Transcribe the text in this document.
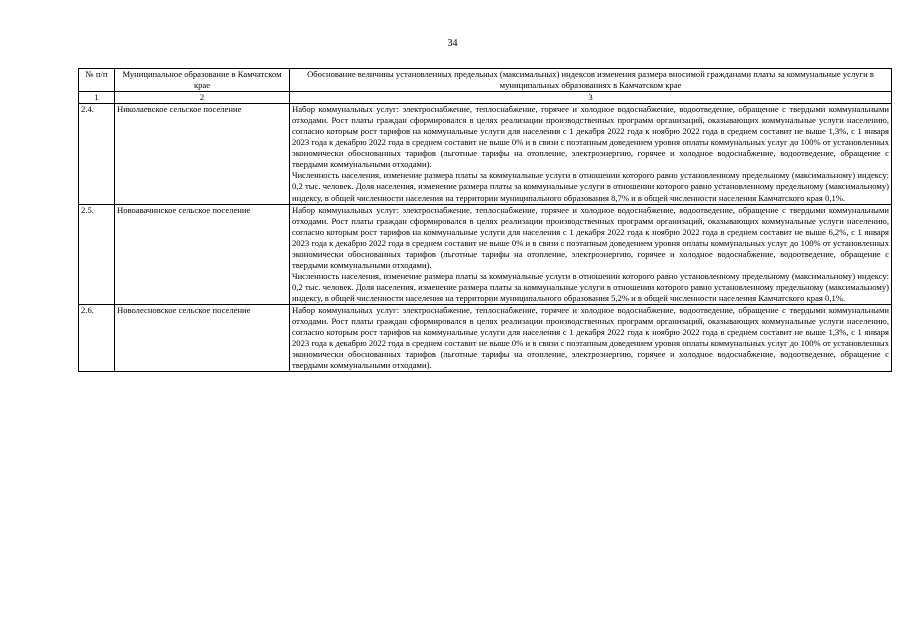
34
№ п/п	Муниципальное образование в Камчатском крае	Обоснование величины установленных предельных (максимальных) индексов изменения размера вносимой гражданами платы за коммунальные услуги в муниципальных образованиях в Камчатском крае
1	2	3
2.4.	Николаевское сельское поселение	Набор коммунальных услуг: электроснабжение, теплоснабжение, горячее и холодное водоснабжение, водоотведение, обращение с твердыми коммунальными отходами. Рост платы граждан сформировался в целях реализации производственных программ организаций, оказывающих коммунальные услуги населению, согласно которым рост тарифов на коммунальные услуги для населения с 1 декабря 2022 года к ноябрю 2022 года в среднем составит не выше 1,3%, с 1 января 2023 года к декабрю 2022 года в среднем составит не выше 0% и в связи с поэтапным доведением уровня оплаты коммунальных услуг до 100% от установленных экономически обоснованных тарифов (льготные тарифы на отопление, электроэнергию, горячее и холодное водоснабжение, водоотведение, обращение с твердыми коммунальными отходами).

Численность населения, изменение размера платы за коммунальные услуги в отношении которого равно установленному предельному (максимальному) индексу: 0,2 тыс. человек. Доля населения, изменение размера платы за коммунальные услуги в отношении которого равно установленному предельному (максимальному) индексу, в общей численности населения на территории муниципального образования 8,7% и в общей численности населения Камчатского края 0,1%.

2.5.	Новоавачинское сельское поселение	Набор коммунальных услуг: электроснабжение, теплоснабжение, горячее и холодное водоснабжение, водоотведение, обращение с твердыми коммунальными отходами. Рост платы граждан сформировался в целях реализации производственных программ организаций, оказывающих коммунальные услуги населению, согласно которым рост тарифов на коммунальные услуги для населения с 1 декабря 2022 года к ноябрю 2022 года в среднем составит не выше 6,2%, с 1 января 2023 года к декабрю 2022 года в среднем составит не выше 0% и в связи с поэтапным доведением уровня оплаты коммунальных услуг до 100% от установленных экономически обоснованных тарифов (льготные тарифы на отопление, электроэнергию, горячее и холодное водоснабжение, водоотведение, обращение с твердыми коммунальными отходами).

Численность населения, изменение размера платы за коммунальные услуги в отношении которого равно установленному предельному (максимальному) индексу: 0,2 тыс. человек. Доля населения, изменение размера платы за коммунальные услуги в отношении которого равно установленному предельному (максимальному) индексу, в общей численности населения на территории муниципального образования 5,2% и в общей численности населения Камчатского края 0,1%.

2.6.	Новолесновское сельское поселение	Набор коммунальных услуг: электроснабжение, теплоснабжение, горячее и холодное водоснабжение, водоотведение, обращение с твердыми коммунальными отходами. Рост платы граждан сформировался в целях реализации производственных программ организаций, оказывающих коммунальные услуги населению, согласно которым рост тарифов на коммунальные услуги для населения с 1 декабря 2022 года к ноябрю 2022 года в среднем составит не выше 1,3%, с 1 января 2023 года к декабрю 2022 года в среднем составит не выше 0% и в связи с поэтапным доведением уровня оплаты коммунальных услуг до 100% от установленных экономически обоснованных тарифов (льготные тарифы на отопление, электроэнергию, горячее и холодное водоснабжение, водоотведение, обращение с твердыми коммунальными отходами).
